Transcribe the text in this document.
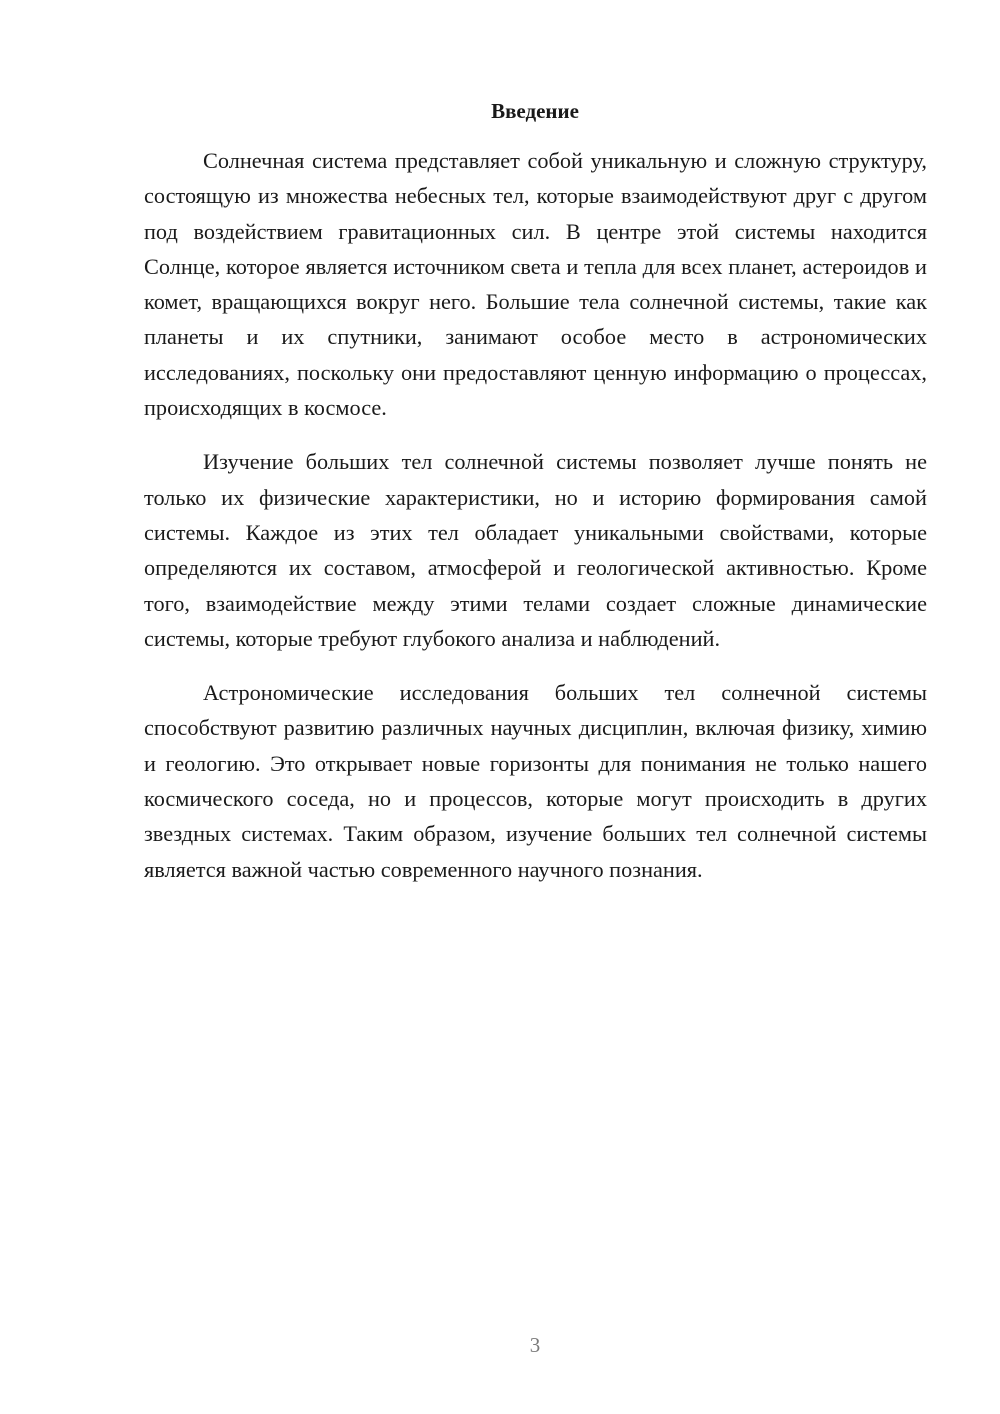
Введение

Солнечная система представляет собой уникальную и сложную структуру, состоящую из множества небесных тел, которые взаимодействуют друг с другом под воздействием гравитационных сил. В центре этой системы находится Солнце, которое является источником света и тепла для всех планет, астероидов и комет, вращающихся вокруг него. Большие тела солнечной системы, такие как планеты и их спутники, занимают особое место в астрономических исследованиях, поскольку они предоставляют ценную информацию о процессах, происходящих в космосе.

Изучение больших тел солнечной системы позволяет лучше понять не только их физические характеристики, но и историю формирования самой системы. Каждое из этих тел обладает уникальными свойствами, которые определяются их составом, атмосферой и геологической активностью. Кроме того, взаимодействие между этими телами создает сложные динамические системы, которые требуют глубокого анализа и наблюдений.

Астрономические исследования больших тел солнечной системы способствуют развитию различных научных дисциплин, включая физику, химию и геологию. Это открывает новые горизонты для понимания не только нашего космического соседа, но и процессов, которые могут происходить в других звездных системах. Таким образом, изучение больших тел солнечной системы является важной частью современного научного познания.

3
